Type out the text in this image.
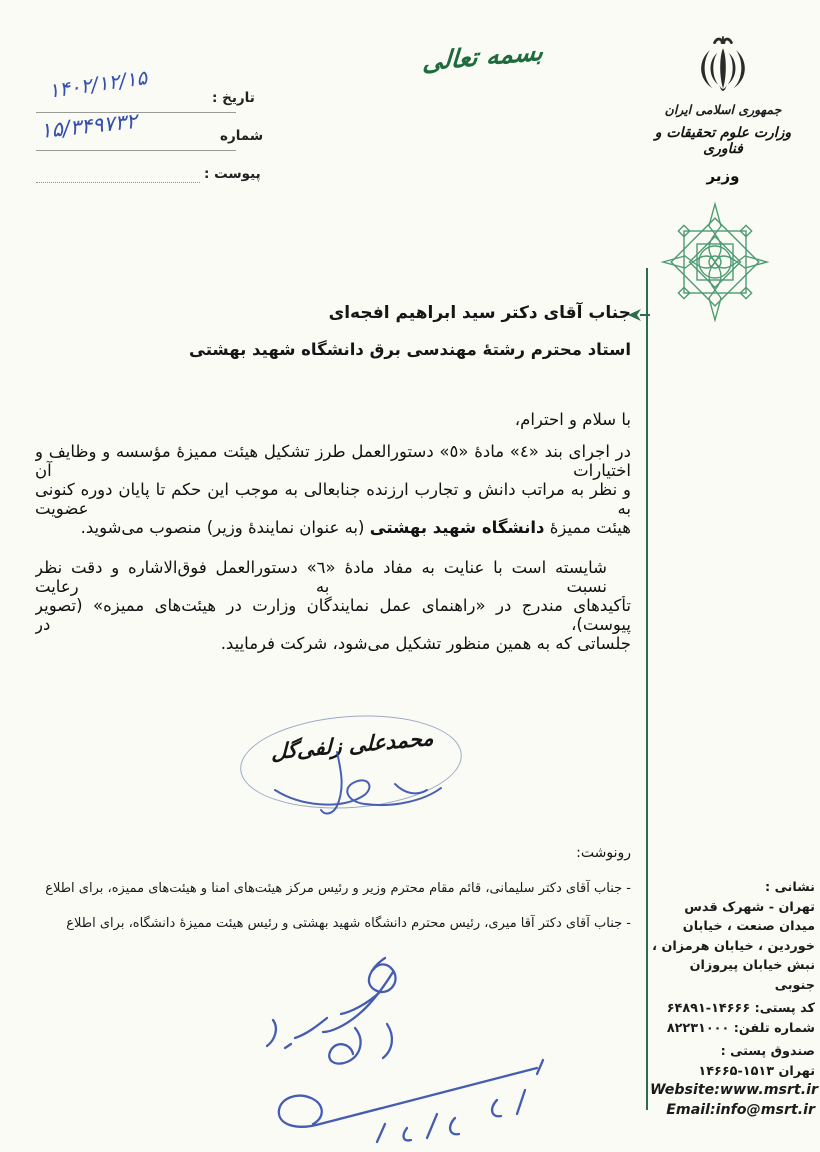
تاریخ :
۱۴۰۲/۱۲/۱۵
شماره
۱۵/۳۴۹۷۳۲
پیوست :
بسمه تعالی
جمهوری اسلامی ایران
وزارت علوم تحقیقات و فناوری
وزیر
جناب آقای دکتر سید ابراهیم افجه‌ای
استاد محترم رشتهٔ مهندسی برق دانشگاه شهید بهشتی
با سلام و احترام،
در اجرای بند «٤» مادهٔ «٥» دستورالعمل طرز تشکیل هیئت ممیزهٔ مؤسسه و وظایف و اختیارات آن
و نظر به مراتب دانش و تجارب ارزنده جنابعالی به موجب این حکم تا پایان دوره کنونی به عضویت
هیئت ممیزهٔ دانشگاه شهید بهشتی (به عنوان نمایندهٔ وزیر) منصوب می‌شوید.
شایسته است با عنایت به مفاد مادهٔ «٦» دستورالعمل فوق‌الاشاره و دقت نظر نسبت به رعایت
تأکیدهای مندرج در «راهنمای عمل نمایندگان وزارت در هیئت‌های ممیزه» (تصویر پیوست)، در
جلساتی که به همین منظور تشکیل می‌شود، شرکت فرمایید.
محمدعلی زلفی‌گل
رونوشت:
- جناب آقای دکتر سلیمانی، قائم مقام محترم وزیر و رئیس مرکز هیئت‌های امنا و هیئت‌های ممیزه، برای اطلاع
- جناب آقای دکتر آقا میری، رئیس محترم دانشگاه شهید بهشتی و رئیس هیئت ممیزهٔ دانشگاه، برای اطلاع
نشانی :
تهران - شهرک قدس
میدان صنعت ، خیابان
خوردین ، خیابان هرمزان ،
نبش خیابان پیروزان جنوبی
کد پستی: ۱۴۶۶۶-۶۴۸۹۱
شماره تلفن: ۸۲۲۳۱۰۰۰
صندوق پستی :
تهران ۱۵۱۳-۱۴۶۶۵
Website:www.msrt.ir
Email:info@msrt.ir
